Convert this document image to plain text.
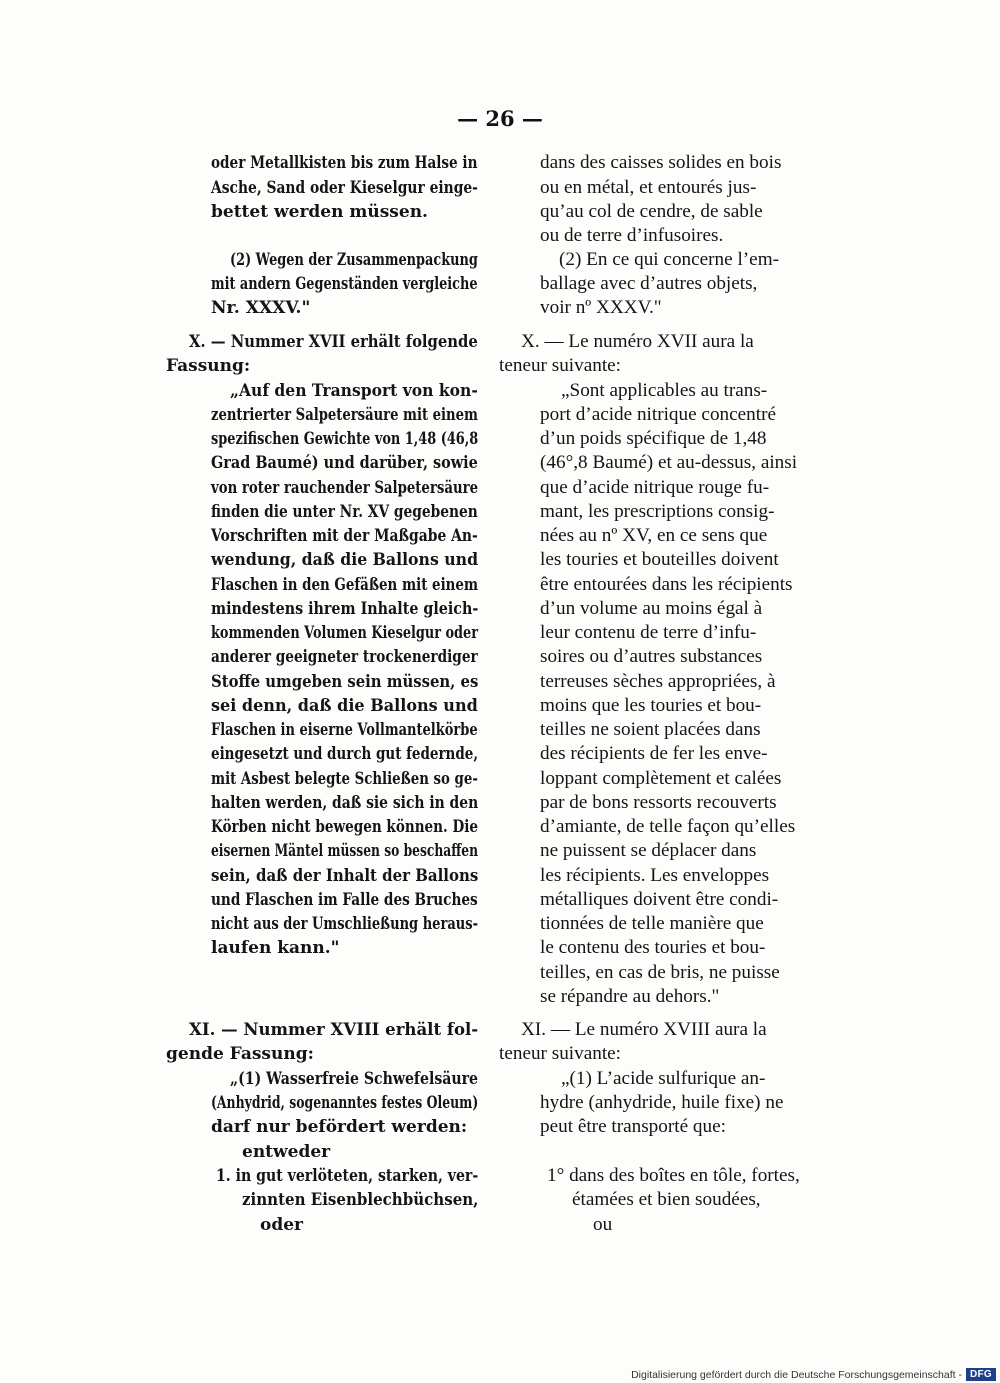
— 26 —
oder Metallkisten bis zum Halse in
Asche, Sand oder Kieselgur einge-
bettet werden müssen.
(2) Wegen der Zusammenpackung
mit andern Gegenständen vergleiche
Nr. XXXV."
X. — Nummer XVII erhält folgende
Fassung:
„Auf den Transport von kon-
zentrierter Salpetersäure mit einem
spezifischen Gewichte von 1,48 (46,8
Grad Baumé) und darüber, sowie
von roter rauchender Salpetersäure
finden die unter Nr. XV gegebenen
Vorschriften mit der Maßgabe An-
wendung, daß die Ballons und
Flaschen in den Gefäßen mit einem
mindestens ihrem Inhalte gleich-
kommenden Volumen Kieselgur oder
anderer geeigneter trockenerdiger
Stoffe umgeben sein müssen, es
sei denn, daß die Ballons und
Flaschen in eiserne Vollmantelkörbe
eingesetzt und durch gut federnde,
mit Asbest belegte Schließen so ge-
halten werden, daß sie sich in den
Körben nicht bewegen können. Die
eisernen Mäntel müssen so beschaffen
sein, daß der Inhalt der Ballons
und Flaschen im Falle des Bruches
nicht aus der Umschließung heraus-
laufen kann."
XI. — Nummer XVIII erhält fol-
gende Fassung:
„(1) Wasserfreie Schwefelsäure
(Anhydrid, sogenanntes festes Oleum)
darf nur befördert werden:
entweder
1. in gut verlöteten, starken, ver-
zinnten Eisenblechbüchsen,
oder
dans des caisses solides en bois
ou en métal, et entourés jus-
qu’au col de cendre, de sable
ou de terre d’infusoires.
(2) En ce qui concerne l’em-
ballage avec d’autres objets,
voir nº XXXV."
X. — Le numéro XVII aura la
teneur suivante:
„Sont applicables au trans-
port d’acide nitrique concentré
d’un poids spécifique de 1,48
(46°,8 Baumé) et au-dessus, ainsi
que d’acide nitrique rouge fu-
mant, les prescriptions consig-
nées au nº XV, en ce sens que
les touries et bouteilles doivent
être entourées dans les récipients
d’un volume au moins égal à
leur contenu de terre d’infu-
soires ou d’autres substances
terreuses sèches appropriées, à
moins que les touries et bou-
teilles ne soient placées dans
des récipients de fer les enve-
loppant complètement et calées
par de bons ressorts recouverts
d’amiante, de telle façon qu’elles
ne puissent se déplacer dans
les récipients. Les enveloppes
métalliques doivent être condi-
tionnées de telle manière que
le contenu des touries et bou-
teilles, en cas de bris, ne puisse
se répandre au dehors."
XI. — Le numéro XVIII aura la
teneur suivante:
„(1) L’acide sulfurique an-
hydre (anhydride, huile fixe) ne
peut être transporté que:
1° dans des boîtes en tôle, fortes,
étamées et bien soudées,
ou
Digitalisierung gefördert durch die Deutsche Forschungsgemeinschaft - DFG
